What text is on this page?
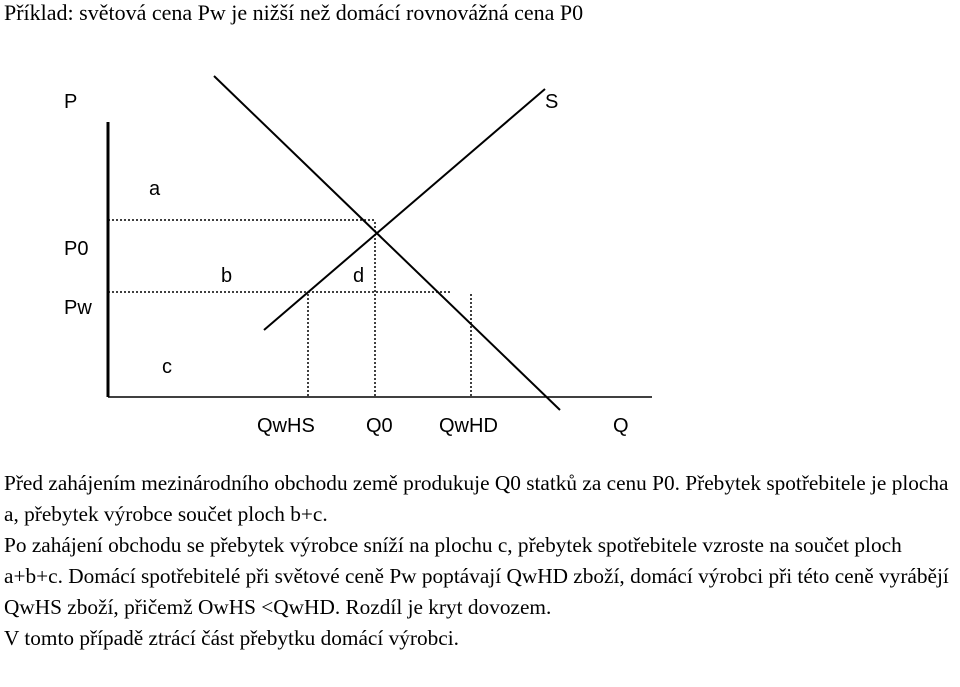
Příklad: světová cena Pw je nižší než domácí rovnovážná cena P0
P	S
a
P0
b	d
Pw
c
QwHS	Q0 QwHD	Q

Před zahájením mezinárodního obchodu země produkuje Q0 statků za cenu P0. Přebytek spotřebitele je plocha a, přebytek výrobce součet ploch b+c.

Po zahájení obchodu se přebytek výrobce sníží na plochu c, přebytek spotřebitele vzroste na součet ploch a+b+c. Domácí spotřebitelé při světové ceně Pw poptávají QwHD zboží, domácí výrobci při této ceně vyrábějí QwHS zboží, přičemž OwHS <QwHD. Rozdíl je kryt dovozem.

V tomto případě ztrácí část přebytku domácí výrobci.
